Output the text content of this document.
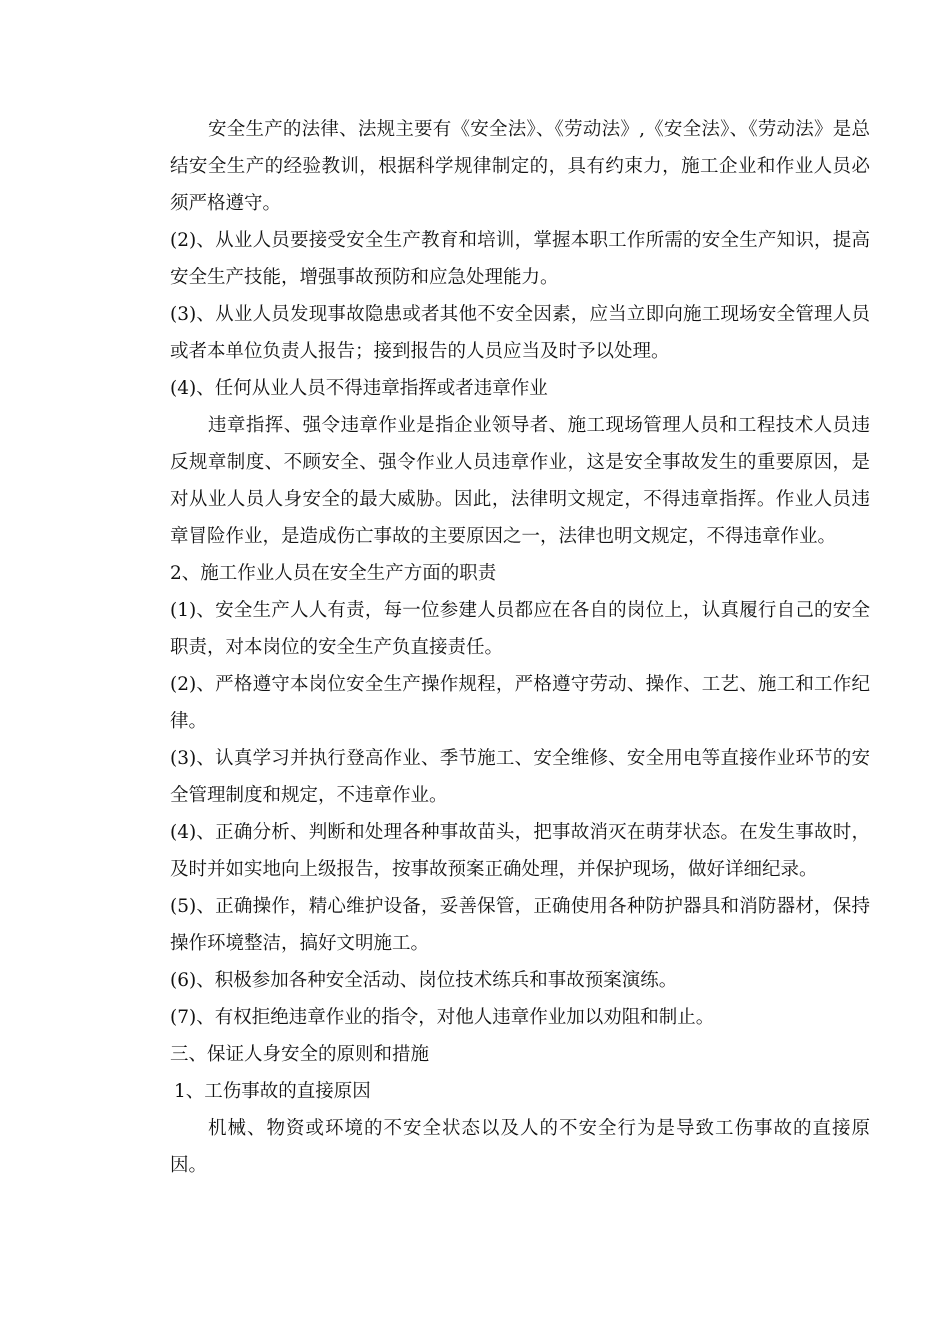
安全生产的法律、法规主要有《安全法》、《劳动法》,《安全法》、《劳动法》是总结安全生产的经验教训，根据科学规律制定的，具有约束力，施工企业和作业人员必须严格遵守。

(2)、从业人员要接受安全生产教育和培训，掌握本职工作所需的安全生产知识，提高安全生产技能，增强事故预防和应急处理能力。

(3)、从业人员发现事故隐患或者其他不安全因素，应当立即向施工现场安全管理人员或者本单位负责人报告；接到报告的人员应当及时予以处理。

(4)、任何从业人员不得违章指挥或者违章作业

违章指挥、强令违章作业是指企业领导者、施工现场管理人员和工程技术人员违反规章制度、不顾安全、强令作业人员违章作业，这是安全事故发生的重要原因，是对从业人员人身安全的最大威胁。因此，法律明文规定，不得违章指挥。作业人员违章冒险作业，是造成伤亡事故的主要原因之一，法律也明文规定，不得违章作业。

2、施工作业人员在安全生产方面的职责

(1)、安全生产人人有责，每一位参建人员都应在各自的岗位上，认真履行自己的安全职责，对本岗位的安全生产负直接责任。

(2)、严格遵守本岗位安全生产操作规程，严格遵守劳动、操作、工艺、施工和工作纪律。

(3)、认真学习并执行登高作业、季节施工、安全维修、安全用电等直接作业环节的安全管理制度和规定，不违章作业。

(4)、正确分析、判断和处理各种事故苗头，把事故消灭在萌芽状态。在发生事故时，及时并如实地向上级报告，按事故预案正确处理，并保护现场，做好详细纪录。

(5)、正确操作，精心维护设备，妥善保管，正确使用各种防护器具和消防器材，保持操作环境整洁，搞好文明施工。

(6)、积极参加各种安全活动、岗位技术练兵和事故预案演练。

(7)、有权拒绝违章作业的指令，对他人违章作业加以劝阻和制止。

三、保证人身安全的原则和措施

1、工伤事故的直接原因

机械、物资或环境的不安全状态以及人的不安全行为是导致工伤事故的直接原因。
